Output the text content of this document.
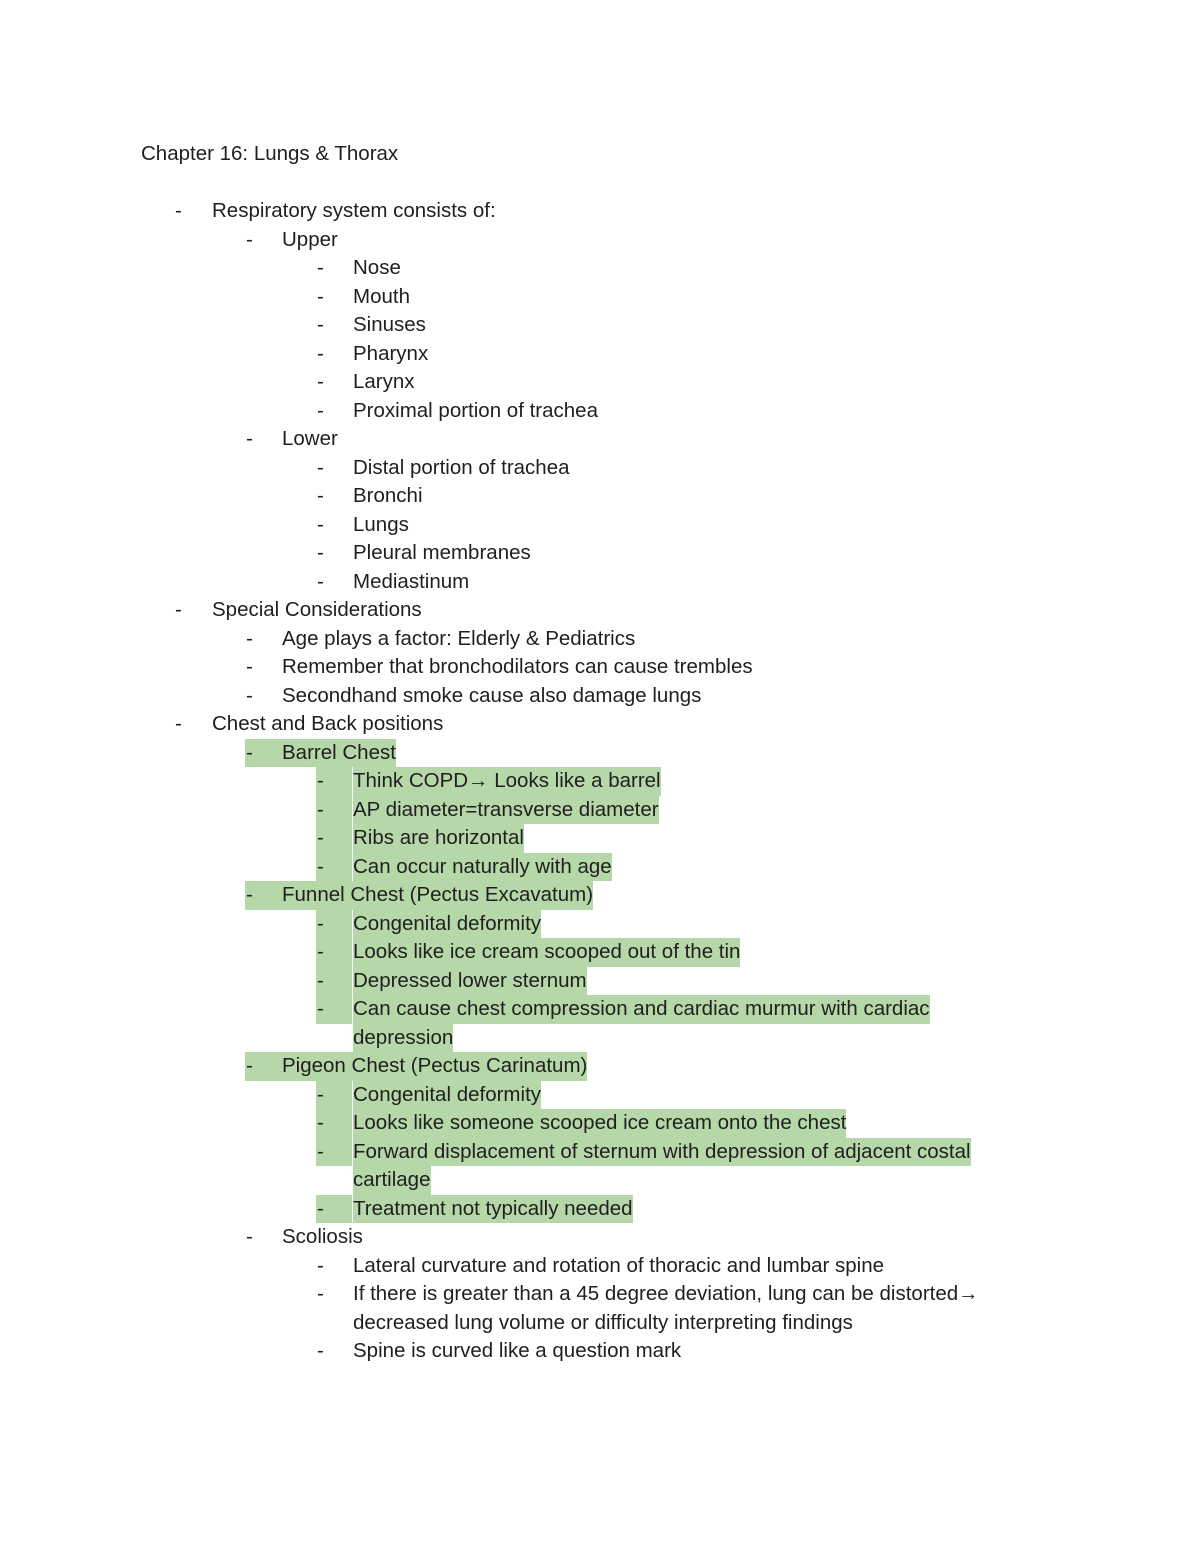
Chapter 16: Lungs & Thorax
- Respiratory system consists of:
- Upper
- Nose
- Mouth
- Sinuses
- Pharynx
- Larynx
- Proximal portion of trachea
- Lower
- Distal portion of trachea
- Bronchi
- Lungs
- Pleural membranes
- Mediastinum
- Special Considerations
- Age plays a factor: Elderly & Pediatrics
- Remember that bronchodilators can cause trembles
- Secondhand smoke cause also damage lungs
- Chest and Back positions
-	Barrel Chest
-	Think COPD→ Looks like a barrel
-	AP diameter=transverse diameter
-	Ribs are horizontal
-	Can occur naturally with age
-	Funnel Chest (Pectus Excavatum)
-	Congenital deformity
-	Looks like ice cream scooped out of the tin
-	Depressed lower sternum
-	Can cause chest compression and cardiac murmur with cardiac
depression
-	Pigeon Chest (Pectus Carinatum)
-	Congenital deformity
-	Looks like someone scooped ice cream onto the chest
-	Forward displacement of sternum with depression of adjacent costal
cartilage
-	Treatment not typically needed
- Scoliosis
- Lateral curvature and rotation of thoracic and lumbar spine
- If there is greater than a 45 degree deviation, lung can be distorted→
decreased lung volume or difficulty interpreting findings
- Spine is curved like a question mark
